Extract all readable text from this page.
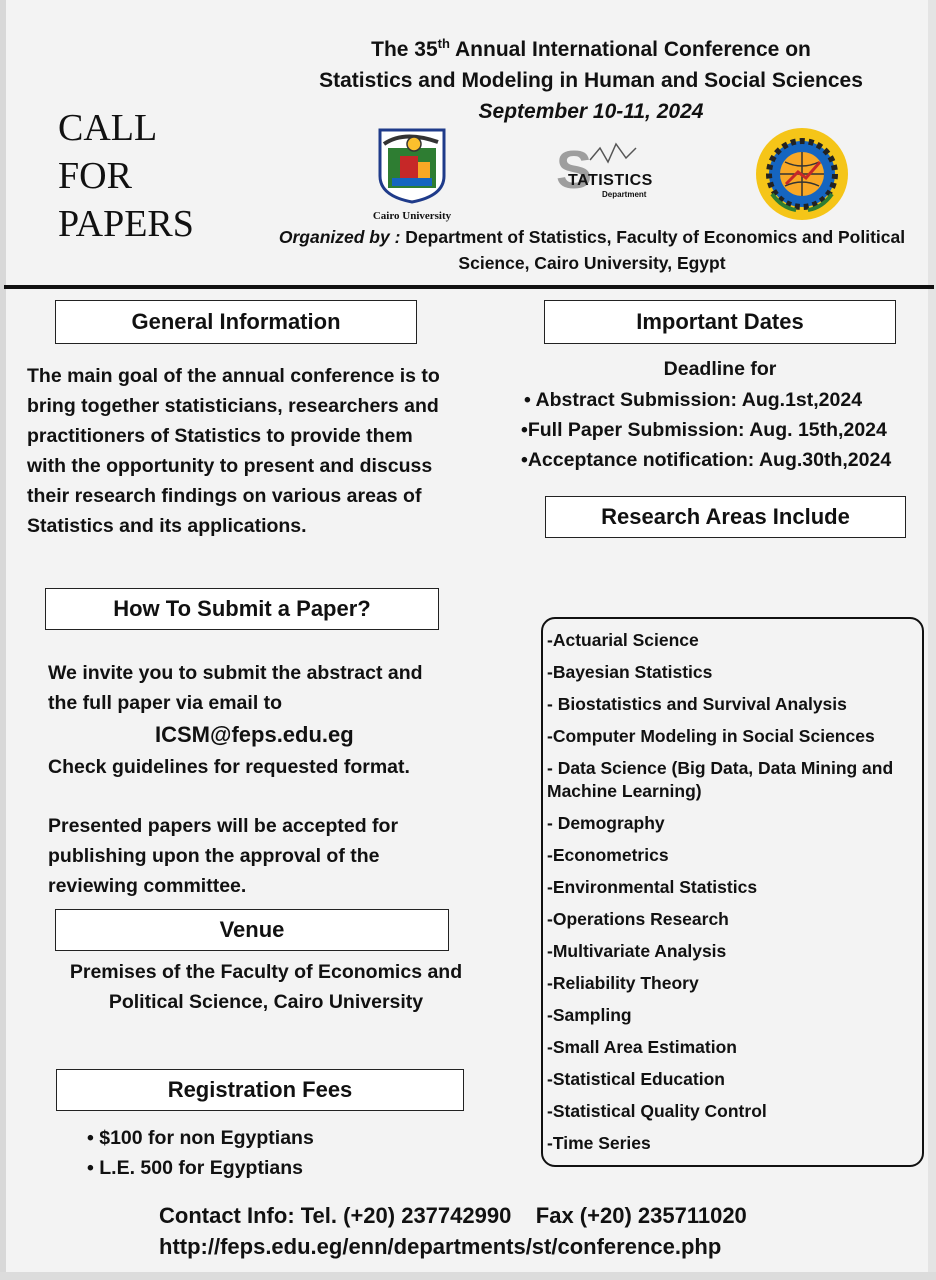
CALL
FOR
PAPERS
The 35th Annual International Conference on
Statistics and Modeling in Human and Social Sciences
September 10-11, 2024
Cairo University
S
TATISTICS
Department
Organized by : Department of Statistics, Faculty of Economics and Political
Science, Cairo University, Egypt
General Information
The main goal of the annual conference is to
bring together statisticians, researchers and
practitioners of Statistics to provide them
with the opportunity to present and discuss
their research findings on various areas of
Statistics and its applications.
Important Dates
Deadline for
• Abstract Submission: Aug.1st,2024
•Full Paper Submission: Aug. 15th,2024
•Acceptance notification: Aug.30th,2024
Research Areas Include
How To Submit a Paper?
We invite you to submit the abstract and
the full paper via email to
ICSM@feps.edu.eg
Check guidelines for requested format.
Presented papers will be accepted for
publishing upon the approval of the
reviewing committee.
Venue
Premises of the Faculty of Economics and
Political Science, Cairo University
Registration Fees
• $100 for non Egyptians
• L.E. 500 for Egyptians
-Actuarial Science
-Bayesian Statistics
- Biostatistics and Survival Analysis
-Computer Modeling in Social Sciences
- Data Science (Big Data, Data Mining and
Machine Learning)
- Demography
-Econometrics
-Environmental Statistics
-Operations Research
-Multivariate Analysis
-Reliability Theory
-Sampling
-Small Area Estimation
-Statistical Education
-Statistical Quality Control
-Time Series
Contact Info: Tel. (+20) 237742990    Fax (+20) 235711020
http://feps.edu.eg/enn/departments/st/conference.php
